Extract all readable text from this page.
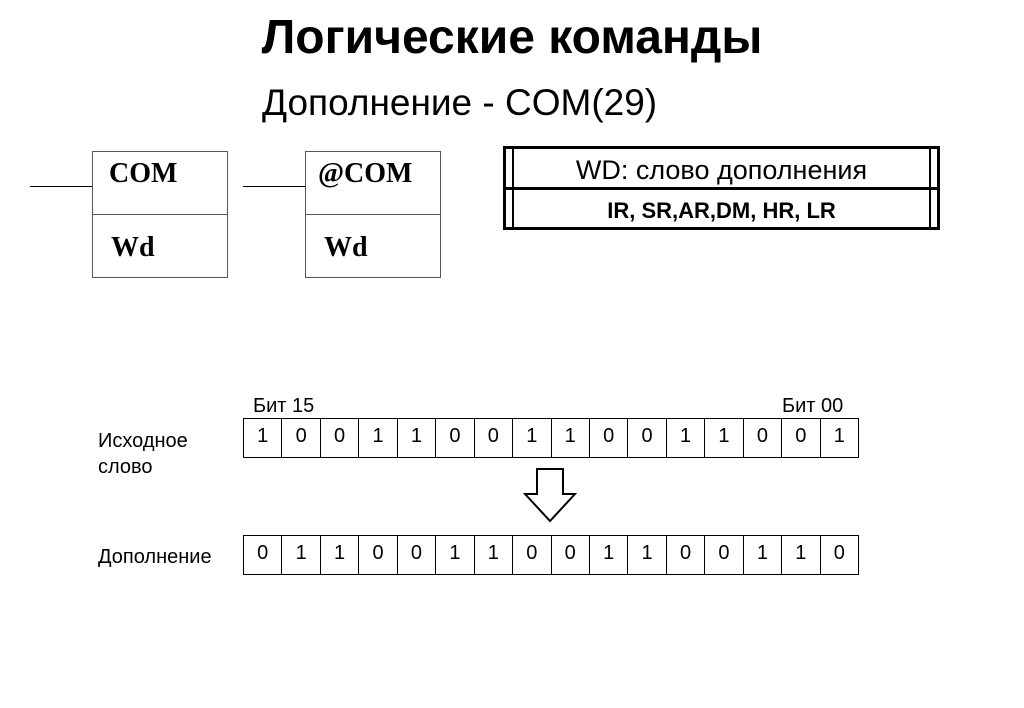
Логические команды
Дополнение - COM(29)
COM
Wd
@COM
Wd
WD: слово дополнения
IR, SR,AR,DM, HR, LR
Бит 15	Бит 00
Исходное
слово
1	0	0	1	1	0	0	1	1	0	0	1	1	0	0	1
Дополнение	0	1	1	0	0	1	1	0	0	1	1	0	0	1	1	0
